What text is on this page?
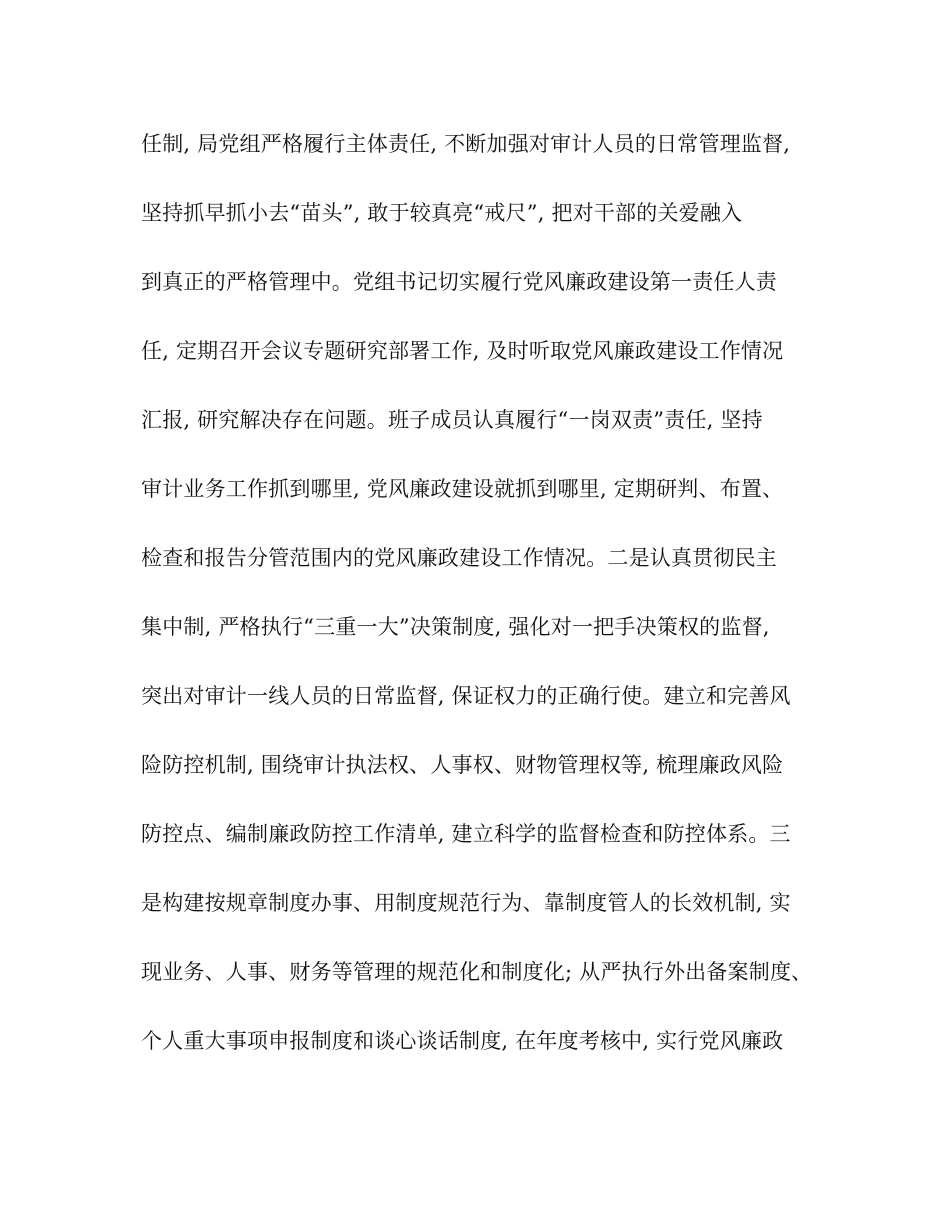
任制, 局党组严格履行主体责任, 不断加强对审计人员的日常管理监督,
坚持抓早抓小去“苗头”, 敢于较真亮“戒尺”, 把对干部的关爱融入
到真正的严格管理中。党组书记切实履行党风廉政建设第一责任人责
任, 定期召开会议专题研究部署工作, 及时听取党风廉政建设工作情况
汇报, 研究解决存在问题。班子成员认真履行“一岗双责”责任, 坚持
审计业务工作抓到哪里, 党风廉政建设就抓到哪里, 定期研判、布置、
检查和报告分管范围内的党风廉政建设工作情况。二是认真贯彻民主
集中制, 严格执行“三重一大”决策制度, 强化对一把手决策权的监督,
突出对审计一线人员的日常监督, 保证权力的正确行使。建立和完善风
险防控机制, 围绕审计执法权、人事权、财物管理权等, 梳理廉政风险
防控点、编制廉政防控工作清单, 建立科学的监督检查和防控体系。三
是构建按规章制度办事、用制度规范行为、靠制度管人的长效机制, 实
现业务、人事、财务等管理的规范化和制度化; 从严执行外出备案制度、
个人重大事项申报制度和谈心谈话制度, 在年度考核中, 实行党风廉政
